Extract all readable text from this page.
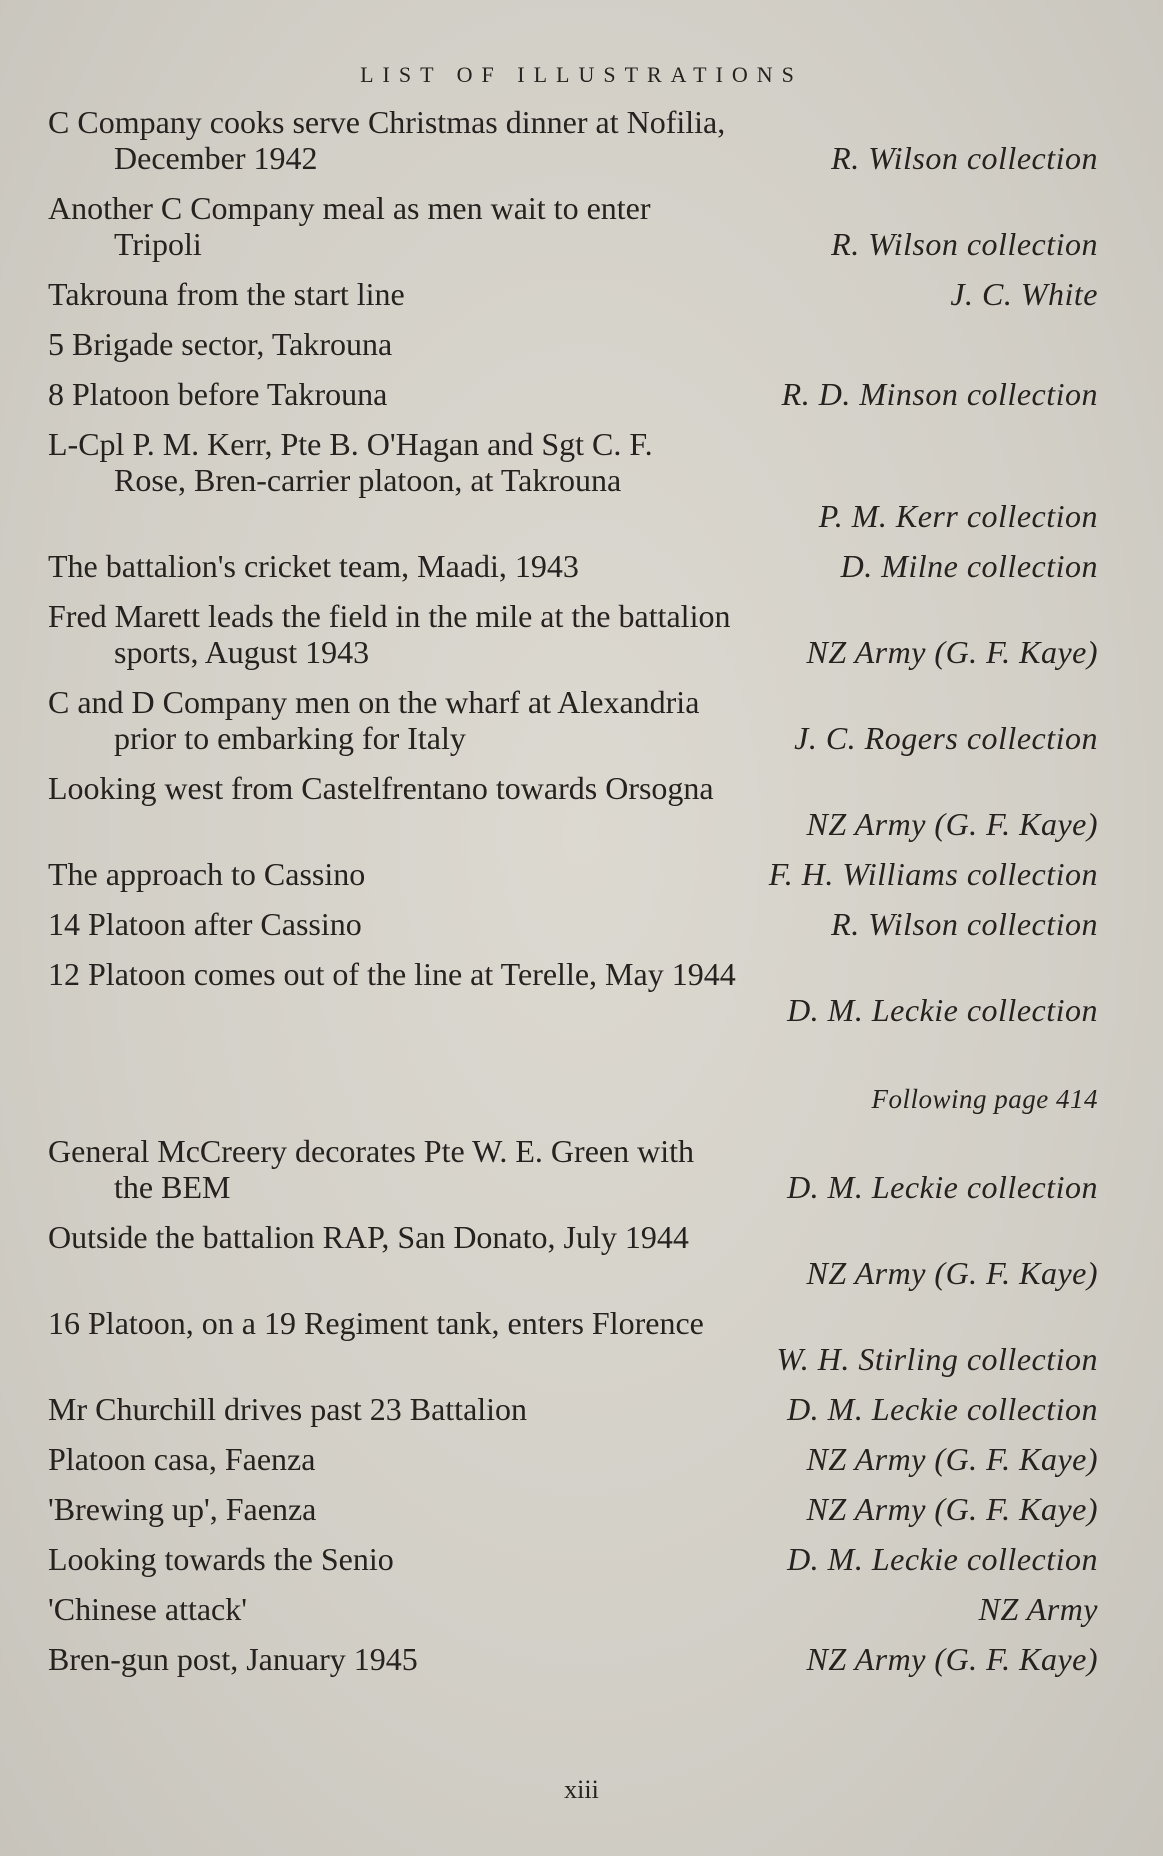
LIST OF ILLUSTRATIONS
C Company cooks serve Christmas dinner at Nofilia,
December 1942	R. Wilson collection
Another C Company meal as men wait to enter
Tripoli	R. Wilson collection
Takrouna from the start line	J. C. White
5 Brigade sector, Takrouna
8 Platoon before Takrouna	R. D. Minson collection
L-Cpl P. M. Kerr, Pte B. O'Hagan and Sgt C. F.
Rose, Bren-carrier platoon, at Takrouna
P. M. Kerr collection
The battalion's cricket team, Maadi, 1943	D. Milne collection
Fred Marett leads the field in the mile at the battalion
sports, August 1943	NZ Army (G. F. Kaye)
C and D Company men on the wharf at Alexandria
prior to embarking for Italy	J. C. Rogers collection
Looking west from Castelfrentano towards Orsogna
NZ Army (G. F. Kaye)
The approach to Cassino	F. H. Williams collection
14 Platoon after Cassino	R. Wilson collection
12 Platoon comes out of the line at Terelle, May 1944
D. M. Leckie collection
Following page 414
General McCreery decorates Pte W. E. Green with
the BEM	D. M. Leckie collection
Outside the battalion RAP, San Donato, July 1944
NZ Army (G. F. Kaye)
16 Platoon, on a 19 Regiment tank, enters Florence
W. H. Stirling collection
Mr Churchill drives past 23 Battalion	D. M. Leckie collection
Platoon casa, Faenza	NZ Army (G. F. Kaye)
'Brewing up', Faenza	NZ Army (G. F. Kaye)
Looking towards the Senio	D. M. Leckie collection
'Chinese attack'	NZ Army
Bren-gun post, January 1945	NZ Army (G. F. Kaye)
xiii
